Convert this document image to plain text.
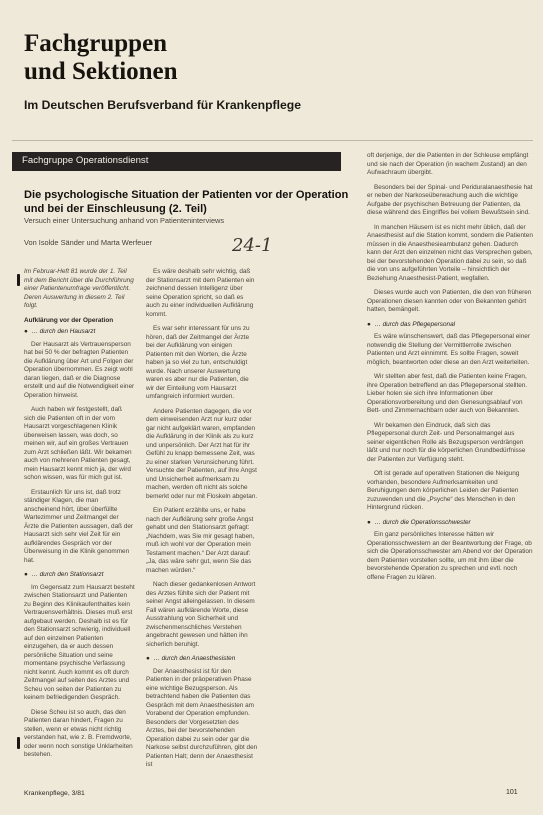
Fachgruppen
und Sektionen
Im Deutschen Berufsverband für Krankenpflege
Fachgruppe Operationsdienst
Die psychologische Situation der Patienten vor der Operation und bei der Einschleusung (2. Teil)
Versuch einer Untersuchung anhand von Patienteninterviews
Von Isolde Sänder und Marta Werfeuer	24-1

Im Februar-Heft 81 wurde der 1. Teil mit dem Bericht über die Durchführung einer Patientenumfrage veröffentlicht. Deren Auswertung in diesem 2. Teil folgt.

Aufklärung vor der Operation

●  … durch den Hausarzt

Der Hausarzt als Vertrauensperson hat bei 50 % der befragten Patienten die Aufklärung über Art und Folgen der Operation übernommen. Es zeigt wohl daran liegen, daß er die Diagnose erstellt und auf die Notwendigkeit einer Operation hinweist.

Auch haben wir festgestellt, daß sich die Patienten oft in der vom Hausarzt vorgeschlagenen Klinik überweisen lassen, was doch, so meinen wir, auf ein großes Vertrauen zum Arzt schließen läßt. Wir bekamen auch von mehreren Patienten gesagt, mein Hausarzt kennt mich ja, der wird schon wissen, was für mich gut ist.

Erstaunlich für uns ist, daß trotz ständiger Klagen, die man anscheinend hört, über überfüllte Wartezimmer und Zeitmangel der Ärzte die Patienten aussagen, daß der Hausarzt sich sehr viel Zeit für ein aufklärendes Gespräch vor der Überweisung in die Klinik genommen hat.

●  … durch den Stationsarzt

Im Gegensatz zum Hausarzt besteht zwischen Stationsarzt und Patienten zu Beginn des Klinikaufenthaltes kein Vertrauensverhältnis. Dieses muß erst aufgebaut werden. Deshalb ist es für den Stationsarzt schwierig, individuell auf den einzelnen Patienten einzugehen, da er auch dessen persönliche Situation und seine momentane psychische Verfassung nicht kennt. Auch kommt es oft durch Zeitmangel auf seiten des Arztes und Scheu von seiten der Patienten zu keinem befriedigenden Gespräch.

Diese Scheu ist so auch, das den Patienten daran hindert, Fragen zu stellen, wenn er etwas nicht richtig verstanden hat, wie z. B. Fremdworte, oder wenn noch sonstige Unklarheiten bestehen.

Es wäre deshalb sehr wichtig, daß der Stationsarzt mit dem Patienten ein zeichnend dessen Intelligenz über seine Operation spricht, so daß es auch zu einer individuellen Aufklärung kommt.

Es war sehr interessant für uns zu hören, daß der Zeitmangel der Ärzte bei der Aufklärung von einigen Patienten mit den Worten, die Ärzte haben ja so viel zu tun, entschuldigt wurde. Nach unserer Auswertung waren es aber nur die Patienten, die wir der Einteilung vom Hausarzt umfangreich informiert wurden.

Andere Patienten dagegen, die vor dem einweisenden Arzt nur kurz oder gar nicht aufgeklärt waren, empfanden die Aufklärung in der Klinik als zu kurz und unpersönlich. Der Arzt hat für ihr Gefühl zu knapp bemessene Zeit, was zu einer starken Verunsicherung führt. Versuchte der Patienten, auf ihre Angst und Unsicherheit aufmerksam zu machen, werden oft nicht als solche bemerkt oder nur mit Floskeln abgetan.

Ein Patient erzählte uns, er habe nach der Aufklärung sehr große Angst gehabt und den Stationsarzt gefragt: „Nachdem, was Sie mir gesagt haben, muß ich wohl vor der Operation mein Testament machen.“ Der Arzt darauf: „Ja, das wäre sehr gut, wenn Sie das machen würden.“

Nach dieser gedankenlosen Antwort des Arztes fühlte sich der Patient mit seiner Angst alleingelassen. In diesem Fall wären aufklärende Worte, diese Ausstrahlung von Sicherheit und zwischenmenschliches Verstehen angebracht gewesen und hätten ihn sicherlich beruhigt.

●  … durch den Anaesthesisten

Der Anaesthesist ist für den Patienten in der präoperativen Phase eine wichtige Bezugsperson. Als betrachtend haben die Patienten das Gespräch mit dem Anaesthesisten am Vorabend der Operation empfunden. Besonders der Vorgesetzten des Arztes, bei der bevorstehenden Operation dabei zu sein oder gar die Narkose selbst durchzuführen, gibt den Patienten Halt; denn der Anaesthesist ist

oft derjenige, der die Patienten in der Schleuse empfängt und sie nach der Operation (in wachem Zustand) an den Aufwachraum übergibt.

Besonders bei der Spinal- und Periduralanaesthesie hat er neben der Narkoseüberwachung auch die wichtige Aufgabe der psychischen Betreuung der Patienten, da diese während des Eingriffes bei vollem Bewußtsein sind.

In manchen Häusern ist es nicht mehr üblich, daß der Anaesthesist auf die Station kommt, sondern die Patienten müssen in die Anaesthesieambulanz gehen. Dadurch kann der Arzt den einzelnen nicht das Versprechen geben, bei der bevorstehenden Operation dabei zu sein, so daß die von uns aufgeführten Vorteile – hinsichtlich der Beziehung Anaesthesist-Patient, wegfallen.

Dieses wurde auch von Patienten, die den von früheren Operationen diesen kannten oder von Bekannten gehört hatten, bemängelt.

●  … durch das Pflegepersonal

Es wäre wünschenswert, daß das Pflegepersonal einer notwendig die Stellung der Vermittlerrolle zwischen Patienten und Arzt einnimmt. Es sollte Fragen, soweit möglich, beantworten oder diese an den Arzt weiterleiten.

Wir stellten aber fest, daß die Patienten keine Fragen, ihre Operation betreffend an das Pflegepersonal stellten. Lieber holen sie sich ihre Informationen über Operationsvorbereitung und den Genesungsablauf von Bett- und Zimmernachbarn oder auch von Bekannten.

Wir bekamen den Eindruck, daß sich das Pflegepersonal durch Zeit- und Personalmangel aus seiner eigentlichen Rolle als Bezugsperson verdrängen läßt und nur noch für die körperlichen Grundbedürfnisse der Patienten zur Verfügung steht.

Oft ist gerade auf operativen Stationen die Neigung vorhanden, besondere Aufmerksamkeiten und Beruhigungen dem körperlichen Leiden der Patienten zuzuwenden und die „Psyche“ des Menschen in den Hintergrund rücken.

●  … durch die Operationsschwester

Ein ganz persönliches Interesse hätten wir Operationsschwestern an der Beantwortung der Frage, ob sich die Operationsschwester am Abend vor der Operation dem Patienten vorstellen sollte, um mit ihm über die bevorstehende Operation zu sprechen und evtl. noch offene Fragen zu klären.

Krankenpflege, 3/81	101
